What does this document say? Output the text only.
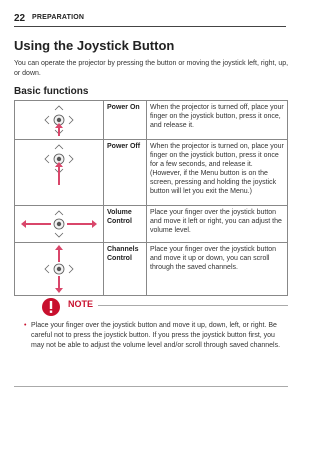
22 PREPARATION
Using the Joystick Button
You can operate the projector by pressing the button or moving the joystick left, right, up, or down.
Basic functions
	Power On	When the projector is turned off, place your finger on the joystick button, press it once, and release it.

	Power Off	When the projector is turned on, place your finger on the joystick button, press it once for a few seconds, and release it. (However, if the Menu button is on the screen, pressing and holding the joystick button will let you exit the Menu.)

	Volume Control	Place your finger over the joystick button and move it left or right, you can adjust the volume level.

	Channels Control	Place your finger over the joystick button and move it up or down, you can scroll through the saved channels.
NOTE
• Place your finger over the joystick button and move it up, down, left, or right. Be careful not to press the joystick button. If you press the joystick button first, you may not be able to adjust the volume level and/or scroll through saved channels.
